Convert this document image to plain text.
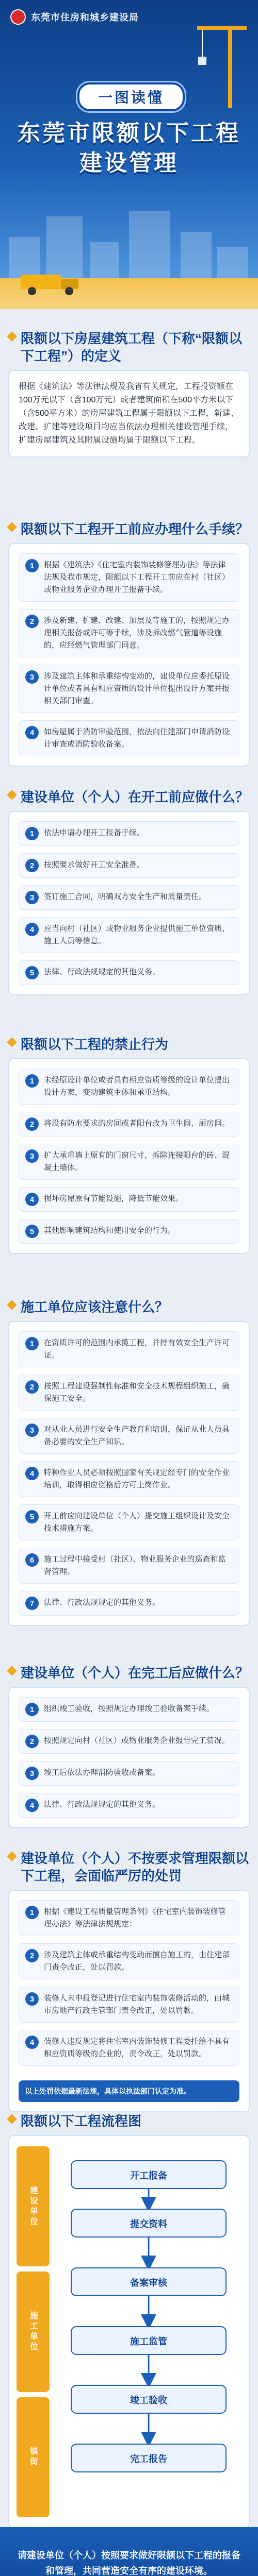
东莞市住房和城乡建设局
一图读懂
东莞市限额以下工程
建设管理
限额以下房屋建筑工程（下称“限额以下工程”）的定义

根据《建筑法》等法律法规及我省有关规定，工程投资额在100万元以下（含100万元）或者建筑面积在500平方米以下（含500平方米）的房屋建筑工程属于限额以下工程，新建、改建、扩建等建设项目均应当依法办理相关建设管理手续，扩建房屋建筑及其附属设施均属于限额以下工程。

限额以下工程开工前应办理什么手续？
1	根据《建筑法》《住宅室内装饰装修管理办法》等法律法规及我市规定，限额以下工程开工前应在村（社区）或物业服务企业办理开工报备手续。

2	涉及新建、扩建、改建、加层及等施工的，按照规定办理相关报备或许可等手续，涉及拆改燃气管道等设施的，应经燃气管理部门同意。

3	涉及建筑主体和承重结构变动的，建设单位应委托原设计单位或者具有相应资质的设计单位提出设计方案并报相关部门审查。

4	如房屋属于消防审验范围，依法向住建部门申请消防设计审查或消防验收备案。

建设单位（个人）在开工前应做什么？
1	依法申请办理开工报备手续。

2	按照要求做好开工安全准备。

3	签订施工合同，明确双方安全生产和质量责任。

4	应当向村（社区）或物业服务企业提供施工单位资质、施工人员等信息。

5	法律、行政法规规定的其他义务。

限额以下工程的禁止行为
1	未经原设计单位或者具有相应资质等级的设计单位提出设计方案，变动建筑主体和承重结构。

2	将没有防水要求的房间或者阳台改为卫生间、厨房间。

3	扩大承重墙上原有的门窗尺寸，拆除连接阳台的砖、混凝土墙体。

4	损坏房屋原有节能设施，降低节能效果。

5	其他影响建筑结构和使用安全的行为。

施工单位应该注意什么？
1	在资质许可的范围内承揽工程，并持有效安全生产许可证。

2	按照工程建设强制性标准和安全技术规程组织施工，确保施工安全。

3	对从业人员进行安全生产教育和培训，保证从业人员具备必要的安全生产知识。

4	特种作业人员必须按照国家有关规定经专门的安全作业培训，取得相应资格后方可上岗作业。

5	开工前应向建设单位（个人）提交施工组织设计及安全技术措施方案。

6	施工过程中接受村（社区）、物业服务企业的巡查和监督管理。

7	法律、行政法规规定的其他义务。

建设单位（个人）在完工后应做什么？
1	组织竣工验收，按照规定办理竣工验收备案手续。

2	按照规定向村（社区）或物业服务企业报告完工情况。

3	竣工后依法办理消防验收或备案。

4	法律、行政法规规定的其他义务。

建设单位（个人）不按要求管理限额以下工程，会面临严厉的处罚
1	根据《建设工程质量管理条例》《住宅室内装饰装修管理办法》等法律法规规定：

2	涉及建筑主体或承重结构变动而擅自施工的，由住建部门责令改正，处以罚款。

3	装修人未申报登记进行住宅室内装饰装修活动的，由城市房地产行政主管部门责令改正，处以罚款。

4	装修人违反规定将住宅室内装饰装修工程委托给不具有相应资质等级的企业的，责令改正，处以罚款。

以上处罚依据最新法规，具体以执法部门认定为准。
限额以下工程流程图
建设单位
施工单位
镇街
开工报备
提交资料
备案审核
施工监管
竣工验收
完工报告

请建设单位（个人）按照要求做好限额以下工程的报备和管理，共同营造安全有序的建设环境。
